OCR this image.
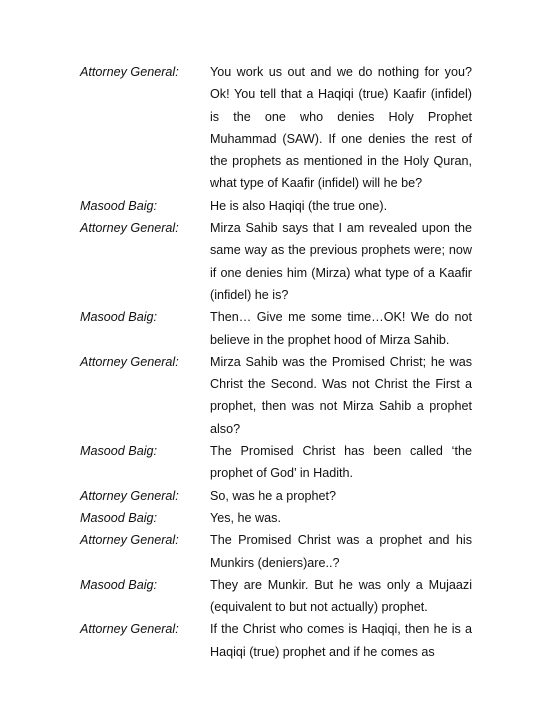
Attorney General:	You work us out and we do nothing for you? Ok! You tell that a Haqiqi (true) Kaafir (infidel) is the one who denies Holy Prophet Muhammad (SAW). If one denies the rest of the prophets as mentioned in the Holy Quran, what type of Kaafir (infidel) will he be?
Masood Baig:	He is also Haqiqi (the true one).
Attorney General:	Mirza Sahib says that I am revealed upon the same way as the previous prophets were; now if one denies him (Mirza) what type of a Kaafir (infidel) he is?
Masood Baig:	Then… Give me some time…OK! We do not believe in the prophet hood of Mirza Sahib.
Attorney General:	Mirza Sahib was the Promised Christ; he was Christ the Second. Was not Christ the First a prophet, then was not Mirza Sahib a prophet also?
Masood Baig:	The Promised Christ has been called ‘the prophet of God’ in Hadith.
Attorney General:	So, was he a prophet?
Masood Baig:	Yes, he was.
Attorney General:	The Promised Christ was a prophet and his Munkirs (deniers)are..?
Masood Baig:	They are Munkir. But he was only a Mujaazi (equivalent to but not actually) prophet.
Attorney General:	If the Christ who comes is Haqiqi, then he is a Haqiqi (true) prophet and if he comes as
